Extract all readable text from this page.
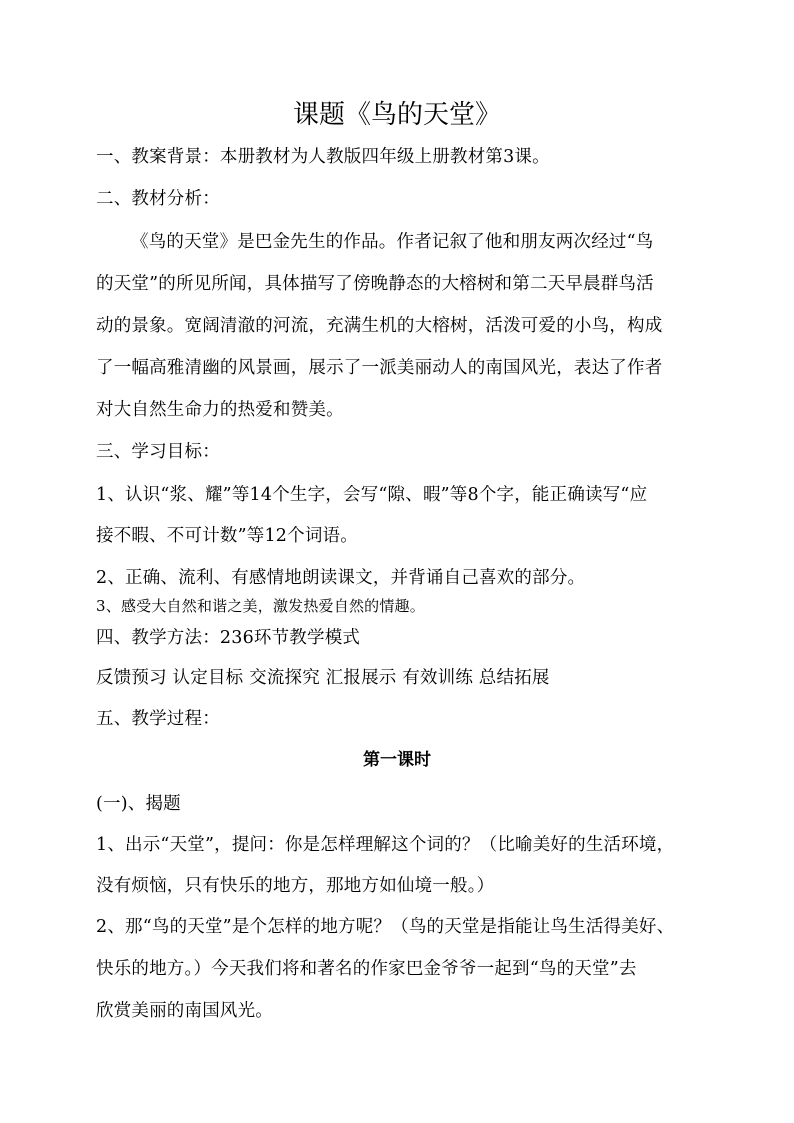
课题《鸟的天堂》
一、教案背景：本册教材为人教版四年级上册教材第3课。
二、教材分析：
《鸟的天堂》是巴金先生的作品。作者记叙了他和朋友两次经过“鸟
的天堂”的所见所闻，具体描写了傍晚静态的大榕树和第二天早晨群鸟活
动的景象。宽阔清澈的河流，充满生机的大榕树，活泼可爱的小鸟，构成
了一幅高雅清幽的风景画，展示了一派美丽动人的南国风光，表达了作者
对大自然生命力的热爱和赞美。
三、学习目标：
1、认识“浆、耀”等14个生字，会写“隙、暇”等8个字，能正确读写“应
接不暇、不可计数”等12个词语。
2、正确、流利、有感情地朗读课文，并背诵自己喜欢的部分。
3、感受大自然和谐之美，激发热爱自然的情趣。
四、教学方法：236环节教学模式
反馈预习 认定目标 交流探究 汇报展示 有效训练 总结拓展
五、教学过程：
第一课时
(一)、揭题
1、出示“天堂”，提问：你是怎样理解这个词的？（比喻美好的生活环境，
没有烦恼，只有快乐的地方，那地方如仙境一般。）
2、那“鸟的天堂”是个怎样的地方呢？（鸟的天堂是指能让鸟生活得美好、
快乐的地方。）今天我们将和著名的作家巴金爷爷一起到“鸟的天堂”去
欣赏美丽的南国风光。
